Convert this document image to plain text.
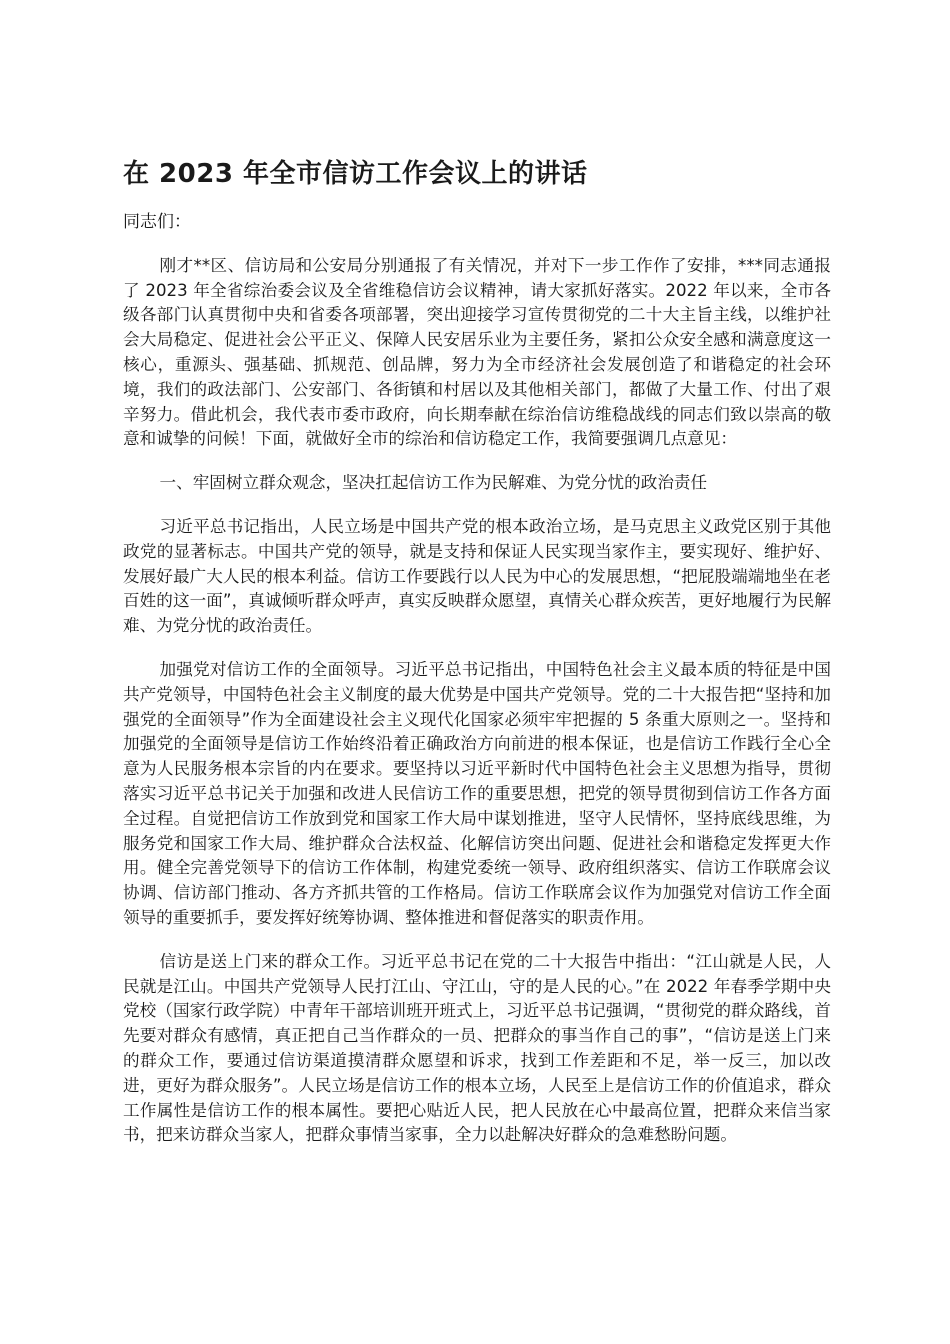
在 2023 年全市信访工作会议上的讲话

同志们：

刚才**区、信访局和公安局分别通报了有关情况，并对下一步工作作了安排，***同志通报了 2023 年全省综治委会议及全省维稳信访会议精神，请大家抓好落实。2022 年以来，全市各级各部门认真贯彻中央和省委各项部署，突出迎接学习宣传贯彻党的二十大主旨主线，以维护社会大局稳定、促进社会公平正义、保障人民安居乐业为主要任务，紧扣公众安全感和满意度这一核心，重源头、强基础、抓规范、创品牌，努力为全市经济社会发展创造了和谐稳定的社会环境，我们的政法部门、公安部门、各街镇和村居以及其他相关部门，都做了大量工作、付出了艰辛努力。借此机会，我代表市委市政府，向长期奉献在综治信访维稳战线的同志们致以崇高的敬意和诚挚的问候！下面，就做好全市的综治和信访稳定工作，我简要强调几点意见：

一、牢固树立群众观念，坚决扛起信访工作为民解难、为党分忧的政治责任

习近平总书记指出，人民立场是中国共产党的根本政治立场，是马克思主义政党区别于其他政党的显著标志。中国共产党的领导，就是支持和保证人民实现当家作主，要实现好、维护好、发展好最广大人民的根本利益。信访工作要践行以人民为中心的发展思想，“把屁股端端地坐在老百姓的这一面”，真诚倾听群众呼声，真实反映群众愿望，真情关心群众疾苦，更好地履行为民解难、为党分忧的政治责任。

加强党对信访工作的全面领导。习近平总书记指出，中国特色社会主义最本质的特征是中国共产党领导，中国特色社会主义制度的最大优势是中国共产党领导。党的二十大报告把“坚持和加强党的全面领导”作为全面建设社会主义现代化国家必须牢牢把握的 5 条重大原则之一。坚持和加强党的全面领导是信访工作始终沿着正确政治方向前进的根本保证，也是信访工作践行全心全意为人民服务根本宗旨的内在要求。要坚持以习近平新时代中国特色社会主义思想为指导，贯彻落实习近平总书记关于加强和改进人民信访工作的重要思想，把党的领导贯彻到信访工作各方面全过程。自觉把信访工作放到党和国家工作大局中谋划推进，坚守人民情怀，坚持底线思维，为服务党和国家工作大局、维护群众合法权益、化解信访突出问题、促进社会和谐稳定发挥更大作用。健全完善党领导下的信访工作体制，构建党委统一领导、政府组织落实、信访工作联席会议协调、信访部门推动、各方齐抓共管的工作格局。信访工作联席会议作为加强党对信访工作全面领导的重要抓手，要发挥好统筹协调、整体推进和督促落实的职责作用。

信访是送上门来的群众工作。习近平总书记在党的二十大报告中指出：“江山就是人民，人民就是江山。中国共产党领导人民打江山、守江山，守的是人民的心。”在 2022 年春季学期中央党校（国家行政学院）中青年干部培训班开班式上，习近平总书记强调，“贯彻党的群众路线，首先要对群众有感情，真正把自己当作群众的一员、把群众的事当作自己的事”，“信访是送上门来的群众工作，要通过信访渠道摸清群众愿望和诉求，找到工作差距和不足，举一反三，加以改进，更好为群众服务”。人民立场是信访工作的根本立场，人民至上是信访工作的价值追求，群众工作属性是信访工作的根本属性。要把心贴近人民，把人民放在心中最高位置，把群众来信当家书，把来访群众当家人，把群众事情当家事，全力以赴解决好群众的急难愁盼问题。
